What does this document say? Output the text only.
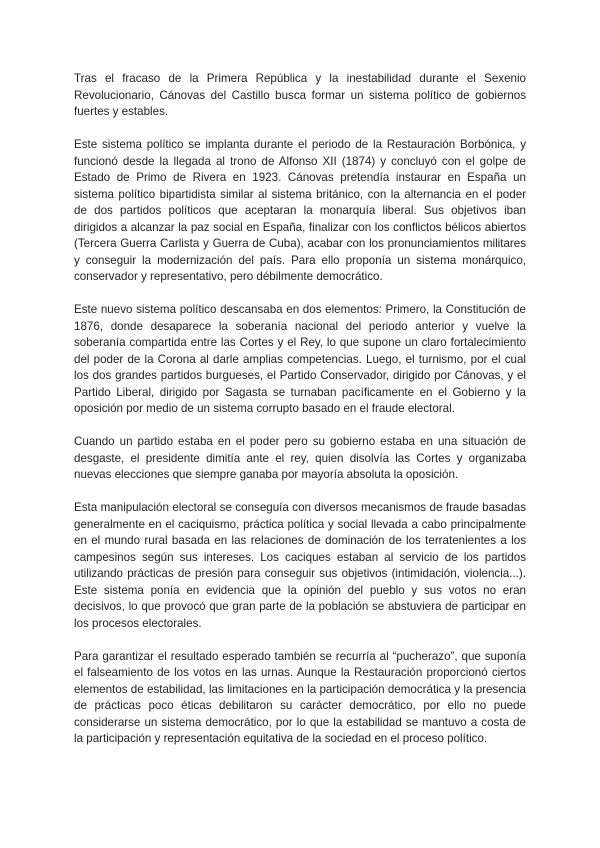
Tras el fracaso de la Primera República y la inestabilidad durante el Sexenio Revolucionario, Cánovas del Castillo busca formar un sistema político de gobiernos fuertes y estables.

Este sistema político se implanta durante el periodo de la Restauración Borbónica, y funcionó desde la llegada al trono de Alfonso XII (1874) y concluyó con el golpe de Estado de Primo de Rivera en 1923. Cánovas pretendía instaurar en España un sistema político bipartidista similar al sistema británico, con la alternancia en el poder de dos partidos políticos que aceptaran la monarquía liberal. Sus objetivos iban dirigidos a alcanzar la paz social en España, finalizar con los conflictos bélicos abiertos (Tercera Guerra Carlista y Guerra de Cuba), acabar con los pronunciamientos militares y conseguir la modernización del país. Para ello proponía un sistema monárquico, conservador y representativo, pero débilmente democrático.

Este nuevo sistema político descansaba en dos elementos: Primero, la Constitución de 1876, donde desaparece la soberanía nacional del periodo anterior y vuelve la soberanía compartida entre las Cortes y el Rey, lo que supone un claro fortalecimiento del poder de la Corona al darle amplias competencias. Luego, el turnismo, por el cual los dos grandes partidos burgueses, el Partido Conservador, dirigido por Cánovas, y el Partido Liberal, dirigido por Sagasta se turnaban pacíficamente en el Gobierno y la oposición por medio de un sistema corrupto basado en el fraude electoral.

Cuando un partido estaba en el poder pero su gobierno estaba en una situación de desgaste, el presidente dimitía ante el rey, quien disolvía las Cortes y organizaba nuevas elecciones que siempre ganaba por mayoría absoluta la oposición.

Esta manipulación electoral se conseguía con diversos mecanismos de fraude basadas generalmente en el caciquismo, práctica política y social llevada a cabo principalmente en el mundo rural basada en las relaciones de dominación de los terratenientes a los campesinos según sus intereses. Los caciques estaban al servicio de los partidos utilizando prácticas de presión para conseguir sus objetivos (intimidación, violencia...). Este sistema ponía en evidencia que la opinión del pueblo y sus votos no eran decisivos, lo que provocó que gran parte de la población se abstuviera de participar en los procesos electorales.

Para garantizar el resultado esperado también se recurría al “pucherazo”, que suponía el falseamiento de los votos en las urnas. Aunque la Restauración proporcionó ciertos elementos de estabilidad, las limitaciones en la participación democrática y la presencia de prácticas poco éticas debilitaron su carácter democrático, por ello no puede considerarse un sistema democrático, por lo que la estabilidad se mantuvo a costa de la participación y representación equitativa de la sociedad en el proceso político.
